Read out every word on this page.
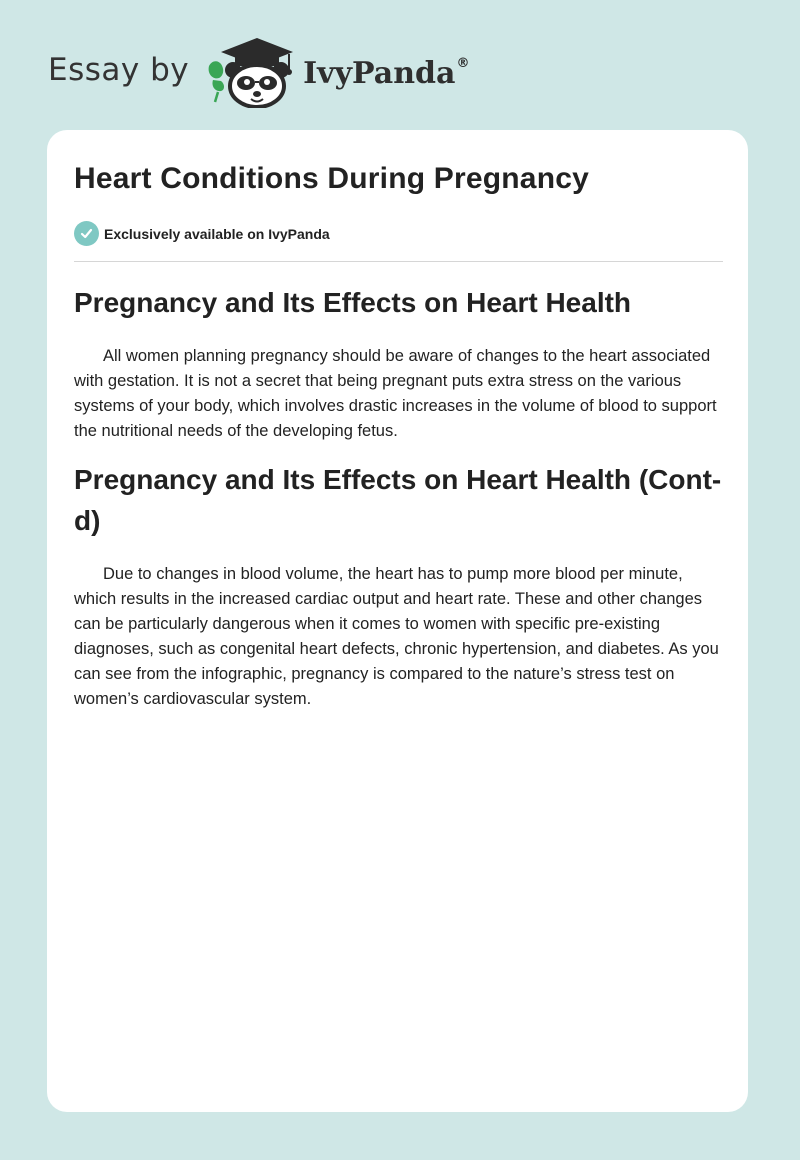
Essay by	IvyPanda®
Heart Conditions During Pregnancy
Exclusively available on IvyPanda
Pregnancy and Its Effects on Heart Health

All women planning pregnancy should be aware of changes to the heart associated with gestation. It is not a secret that being pregnant puts extra stress on the various systems of your body, which involves drastic increases in the volume of blood to support the nutritional needs of the developing fetus.

Pregnancy and Its Effects on Heart Health (Cont-d)

Due to changes in blood volume, the heart has to pump more blood per minute, which results in the increased cardiac output and heart rate. These and other changes can be particularly dangerous when it comes to women with specific pre-existing diagnoses, such as congenital heart defects, chronic hypertension, and diabetes. As you can see from the infographic, pregnancy is compared to the nature’s stress test on women’s cardiovascular system.
